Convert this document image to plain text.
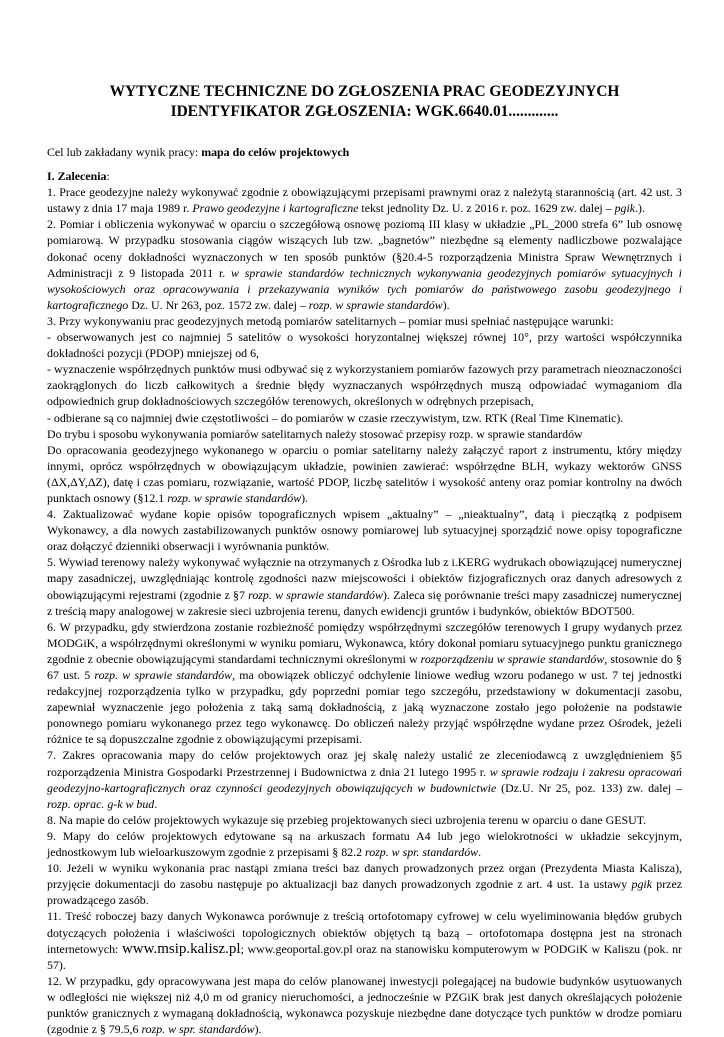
WYTYCZNE TECHNICZNE DO ZGŁOSZENIA PRAC GEODEZYJNYCH
IDENTYFIKATOR ZGŁOSZENIA: WGK.6640.01.............

Cel lub zakładany wynik pracy: mapa do celów projektowych

I. Zalecenia:

1. Prace geodezyjne należy wykonywać zgodnie z obowiązującymi przepisami prawnymi oraz z należytą starannością (art. 42 ust. 3 ustawy z dnia 17 maja 1989 r. Prawo geodezyjne i kartograficzne tekst jednolity Dz. U. z 2016 r. poz. 1629 zw. dalej – pgik.).

2. Pomiar i obliczenia wykonywać w oparciu o szczegółową osnowę poziomą III klasy w układzie „PL_2000 strefa 6” lub osnowę pomiarową. W przypadku stosowania ciągów wiszących lub tzw. „bagnetów” niezbędne są elementy nadliczbowe pozwalające dokonać oceny dokładności wyznaczonych w ten sposób punktów (§20.4-5 rozporządzenia Ministra Spraw Wewnętrznych i Administracji z 9 listopada 2011 r. w sprawie standardów technicznych wykonywania geodezyjnych pomiarów sytuacyjnych i wysokościowych oraz opracowywania i przekazywania wyników tych pomiarów do państwowego zasobu geodezyjnego i kartograficznego Dz. U. Nr 263, poz. 1572 zw. dalej – rozp. w sprawie standardów).

3. Przy wykonywaniu prac geodezyjnych metodą pomiarów satelitarnych – pomiar musi spełniać następujące warunki:

- obserwowanych jest co najmniej 5 satelitów o wysokości horyzontalnej większej równej 10°, przy wartości współczynnika dokładności pozycji (PDOP) mniejszej od 6,

- wyznaczenie współrzędnych punktów musi odbywać się z wykorzystaniem pomiarów fazowych przy parametrach nieoznaczoności zaokrąglonych do liczb całkowitych a średnie błędy wyznaczanych współrzędnych muszą odpowiadać wymaganiom dla odpowiednich grup dokładnościowych szczegółów terenowych, określonych w odrębnych przepisach,

- odbierane są co najmniej dwie częstotliwości – do pomiarów w czasie rzeczywistym, tzw. RTK (Real Time Kinematic).

Do trybu i sposobu wykonywania pomiarów satelitarnych należy stosować przepisy rozp. w sprawie standardów

Do opracowania geodezyjnego wykonanego w oparciu o pomiar satelitarny należy załączyć raport z instrumentu, który między innymi, oprócz współrzędnych w obowiązującym układzie, powinien zawierać: współrzędne BLH, wykazy wektorów GNSS (ΔX,ΔY,ΔZ), datę i czas pomiaru, rozwiązanie, wartość PDOP, liczbę satelitów i wysokość anteny oraz pomiar kontrolny na dwóch punktach osnowy (§12.1 rozp. w sprawie standardów).

4. Zaktualizować wydane kopie opisów topograficznych wpisem „aktualny” – „nieaktualny”, datą i pieczątką z podpisem Wykonawcy, a dla nowych zastabilizowanych punktów osnowy pomiarowej lub sytuacyjnej sporządzić nowe opisy topograficzne oraz dołączyć dzienniki obserwacji i wyrównania punktów.

5. Wywiad terenowy należy wykonywać wyłącznie na otrzymanych z Ośrodka lub z i.KERG wydrukach obowiązującej numerycznej mapy zasadniczej, uwzględniając kontrolę zgodności nazw miejscowości i obiektów fizjograficznych oraz danych adresowych z obowiązującymi rejestrami (zgodnie z §7 rozp. w sprawie standardów). Zaleca się porównanie treści mapy zasadniczej numerycznej z treścią mapy analogowej w zakresie sieci uzbrojenia terenu, danych ewidencji gruntów i budynków, obiektów BDOT500.

6. W przypadku, gdy stwierdzona zostanie rozbieżność pomiędzy współrzędnymi szczegółów terenowych I grupy wydanych przez MODGiK, a współrzędnymi określonymi w wyniku pomiaru, Wykonawca, który dokonał pomiaru sytuacyjnego punktu granicznego zgodnie z obecnie obowiązującymi standardami technicznymi określonymi w rozporządzeniu w sprawie standardów, stosownie do § 67 ust. 5 rozp. w sprawie standardów, ma obowiązek obliczyć odchylenie liniowe według wzoru podanego w ust. 7 tej jednostki redakcyjnej rozporządzenia tylko w przypadku, gdy poprzedni pomiar tego szczegółu, przedstawiony w dokumentacji zasobu, zapewniał wyznaczenie jego położenia z taką samą dokładnością, z jaką wyznaczone zostało jego położenie na podstawie ponownego pomiaru wykonanego przez tego wykonawcę. Do obliczeń należy przyjąć współrzędne wydane przez Ośrodek, jeżeli różnice te są dopuszczalne zgodnie z obowiązującymi przepisami.

7. Zakres opracowania mapy do celów projektowych oraz jej skalę należy ustalić ze zleceniodawcą z uwzględnieniem §5 rozporządzenia Ministra Gospodarki Przestrzennej i Budownictwa z dnia 21 lutego 1995 r. w sprawie rodzaju i zakresu opracowań geodezyjno-kartograficznych oraz czynności geodezyjnych obowiązujących w budownictwie (Dz.U. Nr 25, poz. 133) zw. dalej – rozp. oprac. g-k w bud.

8. Na mapie do celów projektowych wykazuje się przebieg projektowanych sieci uzbrojenia terenu w oparciu o dane GESUT.

9. Mapy do celów projektowych edytowane są na arkuszach formatu A4 lub jego wielokrotności w układzie sekcyjnym, jednostkowym lub wieloarkuszowym zgodnie z przepisami § 82.2 rozp. w spr. standardów.

10. Jeżeli w wyniku wykonania prac nastąpi zmiana treści baz danych prowadzonych przez organ (Prezydenta Miasta Kalisza), przyjęcie dokumentacji do zasobu następuje po aktualizacji baz danych prowadzonych zgodnie z art. 4 ust. 1a ustawy pgik przez prowadzącego zasób.

11. Treść roboczej bazy danych Wykonawca porównuje z treścią ortofotomapy cyfrowej w celu wyeliminowania błędów grubych dotyczących położenia i właściwości topologicznych obiektów objętych tą bazą – ortofotomapa dostępna jest na stronach internetowych: www.msip.kalisz.pl; www.geoportal.gov.pl oraz na stanowisku komputerowym w PODGiK w Kaliszu (pok. nr 57).

12. W przypadku, gdy opracowywana jest mapa do celów planowanej inwestycji polegającej na budowie budynków usytuowanych w odległości nie większej niż 4,0 m od granicy nieruchomości, a jednocześnie w PZGiK brak jest danych określających położenie punktów granicznych z wymaganą dokładnością, wykonawca pozyskuje niezbędne dane dotyczące tych punktów w drodze pomiaru (zgodnie z § 79.5,6 rozp. w spr. standardów).
